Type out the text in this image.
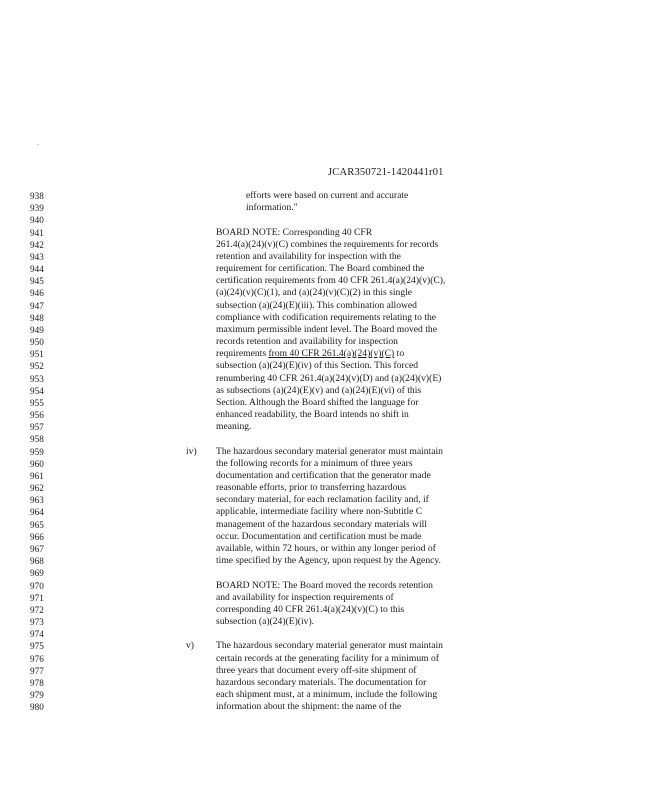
.
JCAR350721-1420441r01
938	efforts were based on current and accurate
939	information."
940
941	BOARD NOTE: Corresponding 40 CFR
942	261.4(a)(24)(v)(C) combines the requirements for records
943	retention and availability for inspection with the
944	requirement for certification. The Board combined the
945	certification requirements from 40 CFR 261.4(a)(24)(v)(C),
946	(a)(24)(v)(C)(1), and (a)(24)(v)(C)(2) in this single
947	subsection (a)(24)(E)(iii). This combination allowed
948	compliance with codification requirements relating to the
949	maximum permissible indent level. The Board moved the
950	records retention and availability for inspection
951	requirements from 40 CFR 261.4(a)(24)(v)(C) to
952	subsection (a)(24)(E)(iv) of this Section. This forced
953	renumbering 40 CFR 261.4(a)(24)(v)(D) and (a)(24)(v)(E)
954	as subsections (a)(24)(E)(v) and (a)(24)(E)(vi) of this
955	Section. Although the Board shifted the language for
956	enhanced readability, the Board intends no shift in
957	meaning.
958
959	iv) The hazardous secondary material generator must maintain
960	the following records for a minimum of three years
961	documentation and certification that the generator made
962	reasonable efforts, prior to transferring hazardous
963	secondary material, for each reclamation facility and, if
964	applicable, intermediate facility where non-Subtitle C
965	management of the hazardous secondary materials will
966	occur. Documentation and certification must be made
967	available, within 72 hours, or within any longer period of
968	time specified by the Agency, upon request by the Agency.
969
970	BOARD NOTE: The Board moved the records retention
971	and availability for inspection requirements of
972	corresponding 40 CFR 261.4(a)(24)(v)(C) to this
973	subsection (a)(24)(E)(iv).
974
975	v) The hazardous secondary material generator must maintain
976	certain records at the generating facility for a minimum of
977	three years that document every off-site shipment of
978	hazardous secondary materials. The documentation for
979	each shipment must, at a minimum, include the following
980	information about the shipment: the name of the
